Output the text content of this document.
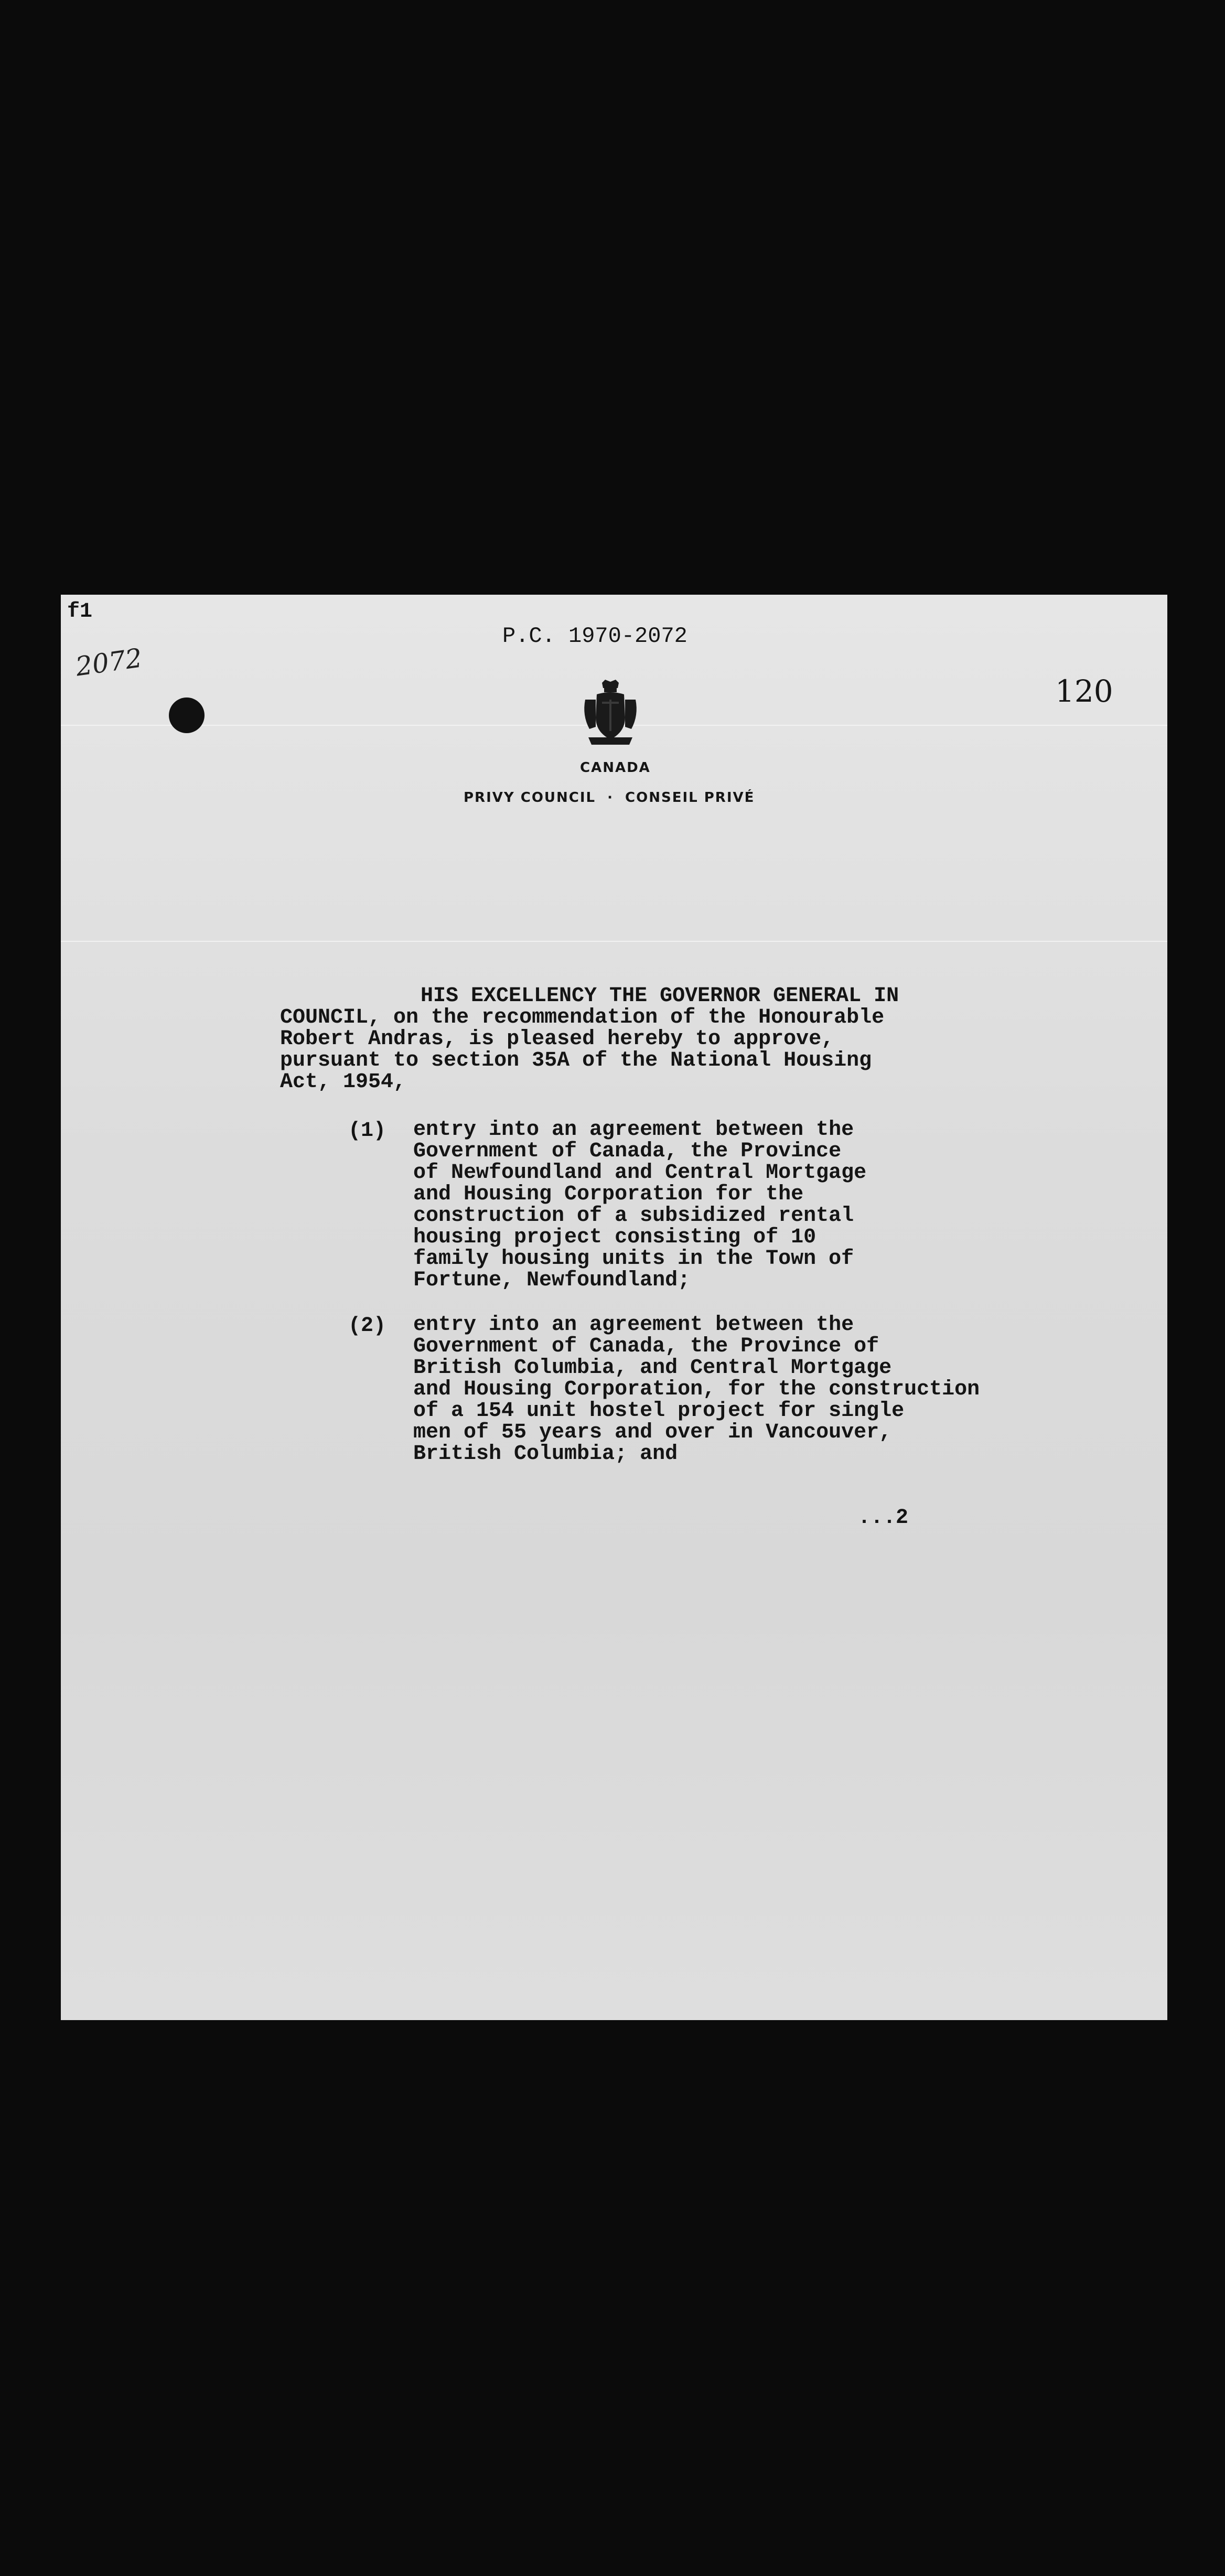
f1
2072
P.C. 1970-2072
120
CANADA
PRIVY COUNCIL · CONSEIL PRIVÉ
HIS EXCELLENCY THE GOVERNOR GENERAL IN
COUNCIL, on the recommendation of the Honourable
Robert Andras, is pleased hereby to approve,
pursuant to section 35A of the National Housing
Act, 1954,
(1) entry into an agreement between the
Government of Canada, the Province
of Newfoundland and Central Mortgage
and Housing Corporation for the
construction of a subsidized rental
housing project consisting of 10
family housing units in the Town of
Fortune, Newfoundland;
(2) entry into an agreement between the
Government of Canada, the Province of
British Columbia, and Central Mortgage
and Housing Corporation, for the construction
of a 154 unit hostel project for single
men of 55 years and over in Vancouver,
British Columbia; and
...2
